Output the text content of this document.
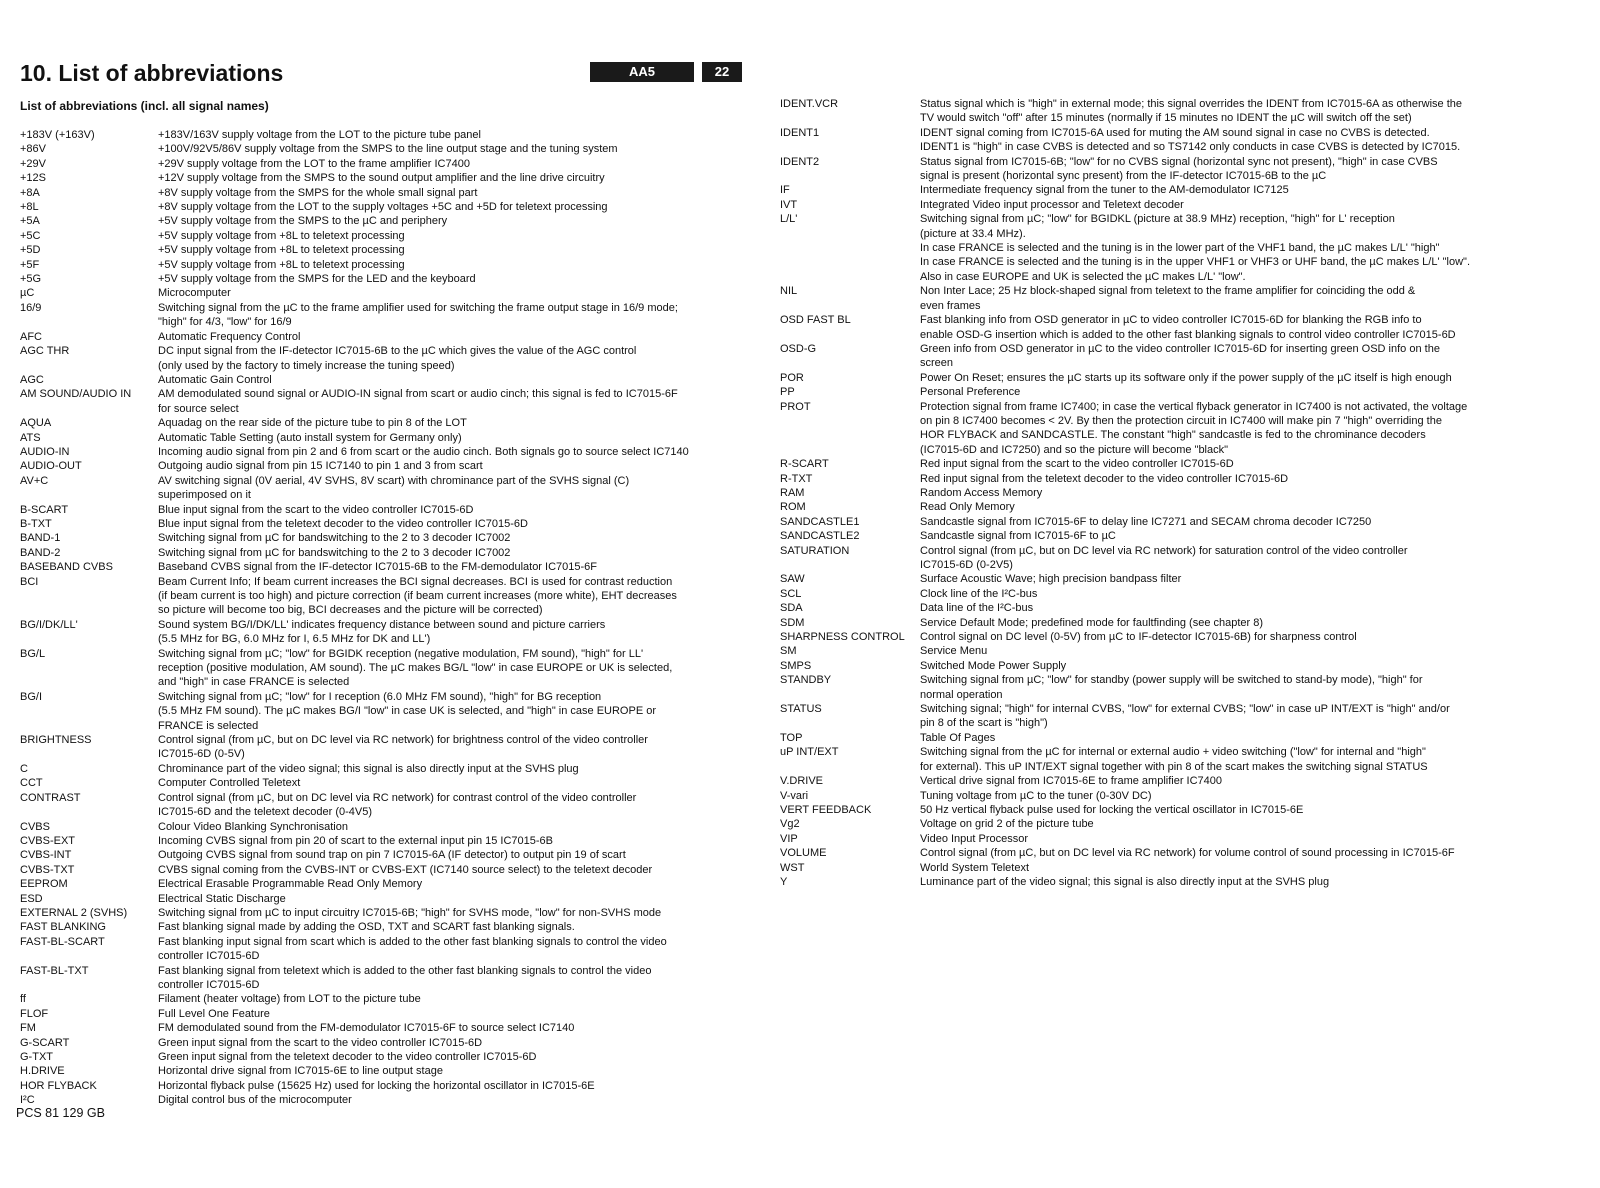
10. List of abbreviations	AA5	22
List of abbreviations (incl. all signal names)
+183V (+163V)	+183V/163V supply voltage from the LOT to the picture tube panel
+86V	+100V/92V5/86V supply voltage from the SMPS to the line output stage and the tuning system
+29V	+29V supply voltage from the LOT to the frame amplifier IC7400
+12S	+12V supply voltage from the SMPS to the sound output amplifier and the line drive circuitry
+8A	+8V supply voltage from the SMPS for the whole small signal part
+8L	+8V supply voltage from the LOT to the supply voltages +5C and +5D for teletext processing
+5A	+5V supply voltage from the SMPS to the µC and periphery
+5C	+5V supply voltage from +8L to teletext processing
+5D	+5V supply voltage from +8L to teletext processing
+5F	+5V supply voltage from +8L to teletext processing
+5G	+5V supply voltage from the SMPS for the LED and the keyboard
µC	Microcomputer
16/9	Switching signal from the µC to the frame amplifier used for switching the frame output stage in 16/9 mode;
"high" for 4/3, "low" for 16/9
AFC	Automatic Frequency Control
AGC THR	DC input signal from the IF-detector IC7015-6B to the µC which gives the value of the AGC control
(only used by the factory to timely increase the tuning speed)
AGC	Automatic Gain Control
AM SOUND/AUDIO IN	AM demodulated sound signal or AUDIO-IN signal from scart or audio cinch; this signal is fed to IC7015-6F
for source select
AQUA	Aquadag on the rear side of the picture tube to pin 8 of the LOT
ATS	Automatic Table Setting (auto install system for Germany only)
AUDIO-IN	Incoming audio signal from pin 2 and 6 from scart or the audio cinch. Both signals go to source select IC7140
AUDIO-OUT	Outgoing audio signal from pin 15 IC7140 to pin 1 and 3 from scart
AV+C	AV switching signal (0V aerial, 4V SVHS, 8V scart) with chrominance part of the SVHS signal (C)
superimposed on it
B-SCART	Blue input signal from the scart to the video controller IC7015-6D
B-TXT	Blue input signal from the teletext decoder to the video controller IC7015-6D
BAND-1	Switching signal from µC for bandswitching to the 2 to 3 decoder IC7002
BAND-2	Switching signal from µC for bandswitching to the 2 to 3 decoder IC7002
BASEBAND CVBS	Baseband CVBS signal from the IF-detector IC7015-6B to the FM-demodulator IC7015-6F
BCI	Beam Current Info; If beam current increases the BCI signal decreases. BCI is used for contrast reduction
(if beam current is too high) and picture correction (if beam current increases (more white), EHT decreases
so picture will become too big, BCI decreases and the picture will be corrected)
BG/I/DK/LL'	Sound system BG/I/DK/LL' indicates frequency distance between sound and picture carriers
(5.5 MHz for BG, 6.0 MHz for I, 6.5 MHz for DK and LL')
BG/L	Switching signal from µC; "low" for BGIDK reception (negative modulation, FM sound), "high" for LL'
reception (positive modulation, AM sound). The µC makes BG/L "low" in case EUROPE or UK is selected,
and "high" in case FRANCE is selected
BG/I	Switching signal from µC; "low" for I reception (6.0 MHz FM sound), "high" for BG reception
(5.5 MHz FM sound). The µC makes BG/I "low" in case UK is selected, and "high" in case EUROPE or
FRANCE is selected
BRIGHTNESS	Control signal (from µC, but on DC level via RC network) for brightness control of the video controller
IC7015-6D (0-5V)
C	Chrominance part of the video signal; this signal is also directly input at the SVHS plug
CCT	Computer Controlled Teletext
CONTRAST	Control signal (from µC, but on DC level via RC network) for contrast control of the video controller
IC7015-6D and the teletext decoder (0-4V5)
CVBS	Colour Video Blanking Synchronisation
CVBS-EXT	Incoming CVBS signal from pin 20 of scart to the external input pin 15 IC7015-6B
CVBS-INT	Outgoing CVBS signal from sound trap on pin 7 IC7015-6A (IF detector) to output pin 19 of scart
CVBS-TXT	CVBS signal coming from the CVBS-INT or CVBS-EXT (IC7140 source select) to the teletext decoder
EEPROM	Electrical Erasable Programmable Read Only Memory
ESD	Electrical Static Discharge
EXTERNAL 2 (SVHS)	Switching signal from µC to input circuitry IC7015-6B; "high" for SVHS mode, "low" for non-SVHS mode
FAST BLANKING	Fast blanking signal made by adding the OSD, TXT and SCART fast blanking signals.
FAST-BL-SCART	Fast blanking input signal from scart which is added to the other fast blanking signals to control the video
controller IC7015-6D
FAST-BL-TXT	Fast blanking signal from teletext which is added to the other fast blanking signals to control the video
controller IC7015-6D
ff	Filament (heater voltage) from LOT to the picture tube
FLOF	Full Level One Feature
FM	FM demodulated sound from the FM-demodulator IC7015-6F to source select IC7140
G-SCART	Green input signal from the scart to the video controller IC7015-6D
G-TXT	Green input signal from the teletext decoder to the video controller IC7015-6D
H.DRIVE	Horizontal drive signal from IC7015-6E to line output stage
HOR FLYBACK	Horizontal flyback pulse (15625 Hz) used for locking the horizontal oscillator in IC7015-6E
I²C	Digital control bus of the microcomputer
IDENT.VCR	Status signal which is "high" in external mode; this signal overrides the IDENT from IC7015-6A as otherwise the
TV would switch "off" after 15 minutes (normally if 15 minutes no IDENT the µC will switch off the set)
IDENT1	IDENT signal coming from IC7015-6A used for muting the AM sound signal in case no CVBS is detected.
IDENT1 is "high" in case CVBS is detected and so TS7142 only conducts in case CVBS is detected by IC7015.
IDENT2	Status signal from IC7015-6B; "low" for no CVBS signal (horizontal sync not present), "high" in case CVBS
signal is present (horizontal sync present) from the IF-detector IC7015-6B to the µC
IF	Intermediate frequency signal from the tuner to the AM-demodulator IC7125
IVT	Integrated Video input processor and Teletext decoder
L/L'	Switching signal from µC; "low" for BGIDKL (picture at 38.9 MHz) reception, "high" for L' reception
(picture at 33.4 MHz).
In case FRANCE is selected and the tuning is in the lower part of the VHF1 band, the µC makes L/L' "high"
In case FRANCE is selected and the tuning is in the upper VHF1 or VHF3 or UHF band, the µC makes L/L' "low".
Also in case EUROPE and UK is selected the µC makes L/L' "low".
NIL	Non Inter Lace; 25 Hz block-shaped signal from teletext to the frame amplifier for coinciding the odd &
even frames
OSD FAST BL	Fast blanking info from OSD generator in µC to video controller IC7015-6D for blanking the RGB info to
enable OSD-G insertion which is added to the other fast blanking signals to control video controller IC7015-6D
OSD-G	Green info from OSD generator in µC to the video controller IC7015-6D for inserting green OSD info on the
screen
POR	Power On Reset; ensures the µC starts up its software only if the power supply of the µC itself is high enough
PP	Personal Preference
PROT	Protection signal from frame IC7400; in case the vertical flyback generator in IC7400 is not activated, the voltage
on pin 8 IC7400 becomes < 2V. By then the protection circuit in IC7400 will make pin 7 "high" overriding the
HOR FLYBACK and SANDCASTLE. The constant "high" sandcastle is fed to the chrominance decoders
(IC7015-6D and IC7250) and so the picture will become "black"
R-SCART	Red input signal from the scart to the video controller IC7015-6D
R-TXT	Red input signal from the teletext decoder to the video controller IC7015-6D
RAM	Random Access Memory
ROM	Read Only Memory
SANDCASTLE1	Sandcastle signal from IC7015-6F to delay line IC7271 and SECAM chroma decoder IC7250
SANDCASTLE2	Sandcastle signal from IC7015-6F to µC
SATURATION	Control signal (from µC, but on DC level via RC network) for saturation control of the video controller
IC7015-6D (0-2V5)
SAW	Surface Acoustic Wave; high precision bandpass filter
SCL	Clock line of the I²C-bus
SDA	Data line of the I²C-bus
SDM	Service Default Mode; predefined mode for faultfinding (see chapter 8)
SHARPNESS CONTROL	Control signal on DC level (0-5V) from µC to IF-detector IC7015-6B) for sharpness control
SM	Service Menu
SMPS	Switched Mode Power Supply
STANDBY	Switching signal from µC; "low" for standby (power supply will be switched to stand-by mode), "high" for
normal operation
STATUS	Switching signal; "high" for internal CVBS, "low" for external CVBS; "low" in case uP INT/EXT is "high" and/or
pin 8 of the scart is "high")
TOP	Table Of Pages
uP INT/EXT	Switching signal from the µC for internal or external audio + video switching ("low" for internal and "high"
for external). This uP INT/EXT signal together with pin 8 of the scart makes the switching signal STATUS
V.DRIVE	Vertical drive signal from IC7015-6E to frame amplifier IC7400
V-vari	Tuning voltage from µC to the tuner (0-30V DC)
VERT FEEDBACK	50 Hz vertical flyback pulse used for locking the vertical oscillator in IC7015-6E
Vg2	Voltage on grid 2 of the picture tube
VIP	Video Input Processor
VOLUME	Control signal (from µC, but on DC level via RC network) for volume control of sound processing in IC7015-6F
WST	World System Teletext
Y	Luminance part of the video signal; this signal is also directly input at the SVHS plug
PCS 81 129 GB
